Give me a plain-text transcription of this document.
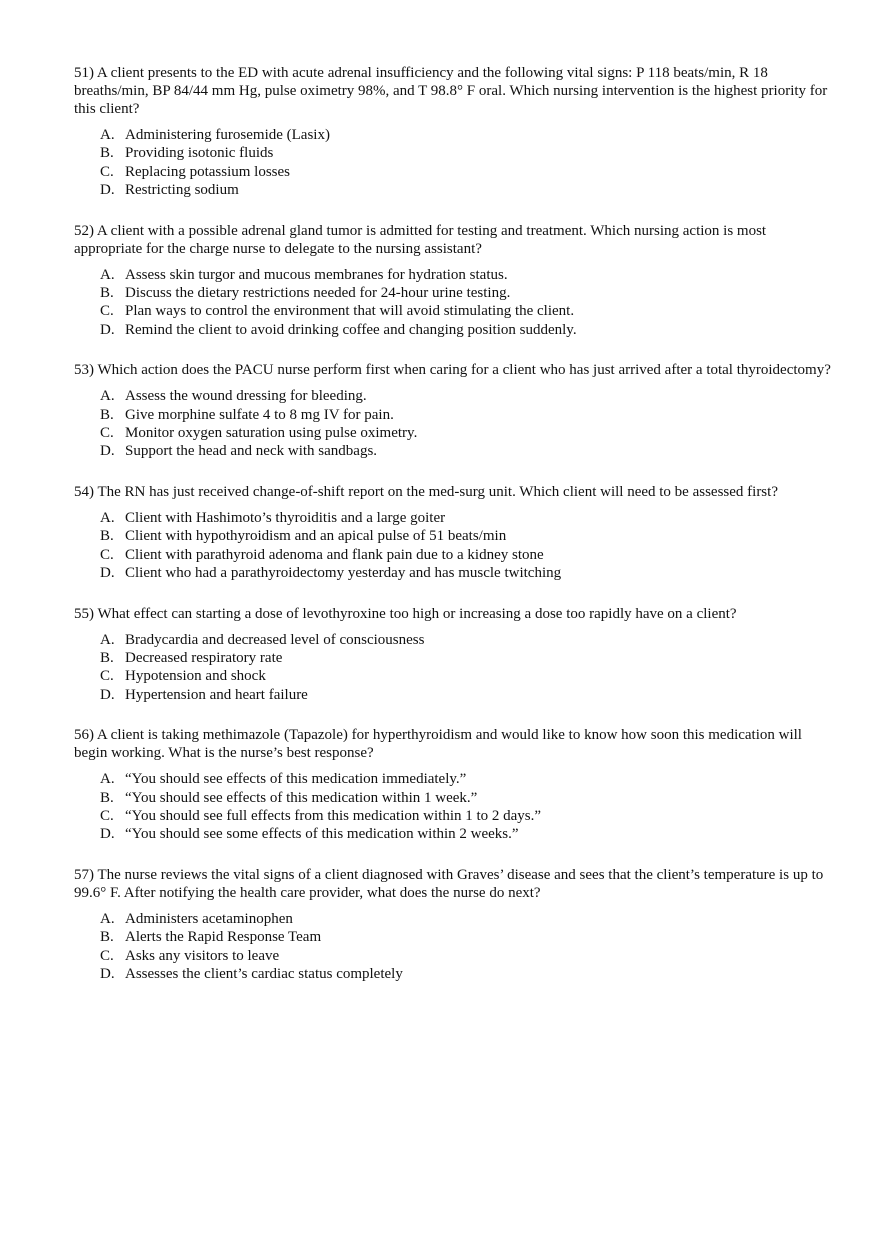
51) A client presents to the ED with acute adrenal insufficiency and the following vital signs: P 118 beats/min, R 18 breaths/min, BP 84/44 mm Hg, pulse oximetry 98%, and T 98.8° F oral. Which nursing intervention is the highest priority for this client?

A. Administering furosemide (Lasix)
B. Providing isotonic fluids
C. Replacing potassium losses
D. Restricting sodium

52) A client with a possible adrenal gland tumor is admitted for testing and treatment. Which nursing action is most appropriate for the charge nurse to delegate to the nursing assistant?

A. Assess skin turgor and mucous membranes for hydration status.
B. Discuss the dietary restrictions needed for 24-hour urine testing.
C. Plan ways to control the environment that will avoid stimulating the client.
D. Remind the client to avoid drinking coffee and changing position suddenly.

53) Which action does the PACU nurse perform first when caring for a client who has just arrived after a total thyroidectomy?

A. Assess the wound dressing for bleeding.
B. Give morphine sulfate 4 to 8 mg IV for pain.
C. Monitor oxygen saturation using pulse oximetry.
D. Support the head and neck with sandbags.

54) The RN has just received change-of-shift report on the med-surg unit. Which client will need to be assessed first?

A. Client with Hashimoto’s thyroiditis and a large goiter
B. Client with hypothyroidism and an apical pulse of 51 beats/min
C. Client with parathyroid adenoma and flank pain due to a kidney stone
D. Client who had a parathyroidectomy yesterday and has muscle twitching

55) What effect can starting a dose of levothyroxine too high or increasing a dose too rapidly have on a client?

A. Bradycardia and decreased level of consciousness
B. Decreased respiratory rate
C. Hypotension and shock
D. Hypertension and heart failure

56) A client is taking methimazole (Tapazole) for hyperthyroidism and would like to know how soon this medication will begin working. What is the nurse’s best response?

A. “You should see effects of this medication immediately.”
B. “You should see effects of this medication within 1 week.”
C. “You should see full effects from this medication within 1 to 2 days.”
D. “You should see some effects of this medication within 2 weeks.”

57) The nurse reviews the vital signs of a client diagnosed with Graves’ disease and sees that the client’s temperature is up to 99.6° F. After notifying the health care provider, what does the nurse do next?

A. Administers acetaminophen
B. Alerts the Rapid Response Team
C. Asks any visitors to leave
D. Assesses the client’s cardiac status completely
